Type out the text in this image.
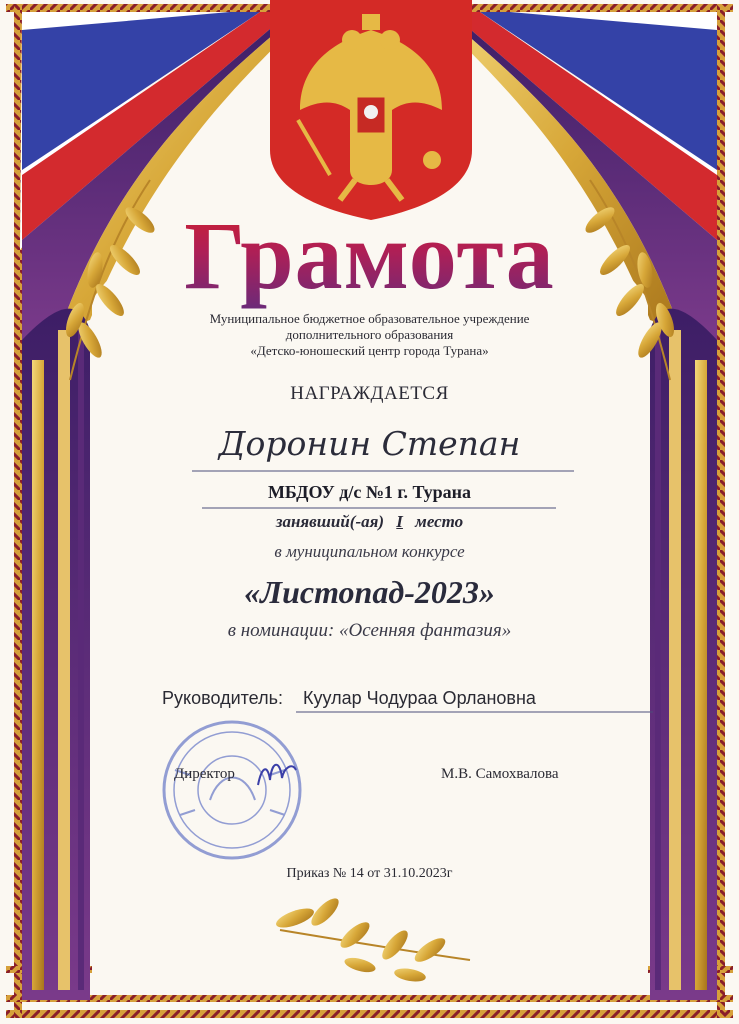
Грамота
Муниципальное бюджетное образовательное учреждение
дополнительного образования
«Детско-юношеский центр города Турана»
НАГРАЖДАЕТСЯ
Доронин Степан
МБДОУ д/с №1 г. Турана
занявший(-ая) I место
в муниципальном конкурсе
«Листопад-2023»
в номинации: «Осенняя фантазия»
Руководитель: Куулар Чодураа Орлановна
Директор	М.В. Самохвалова
Приказ № 14 от 31.10.2023г
